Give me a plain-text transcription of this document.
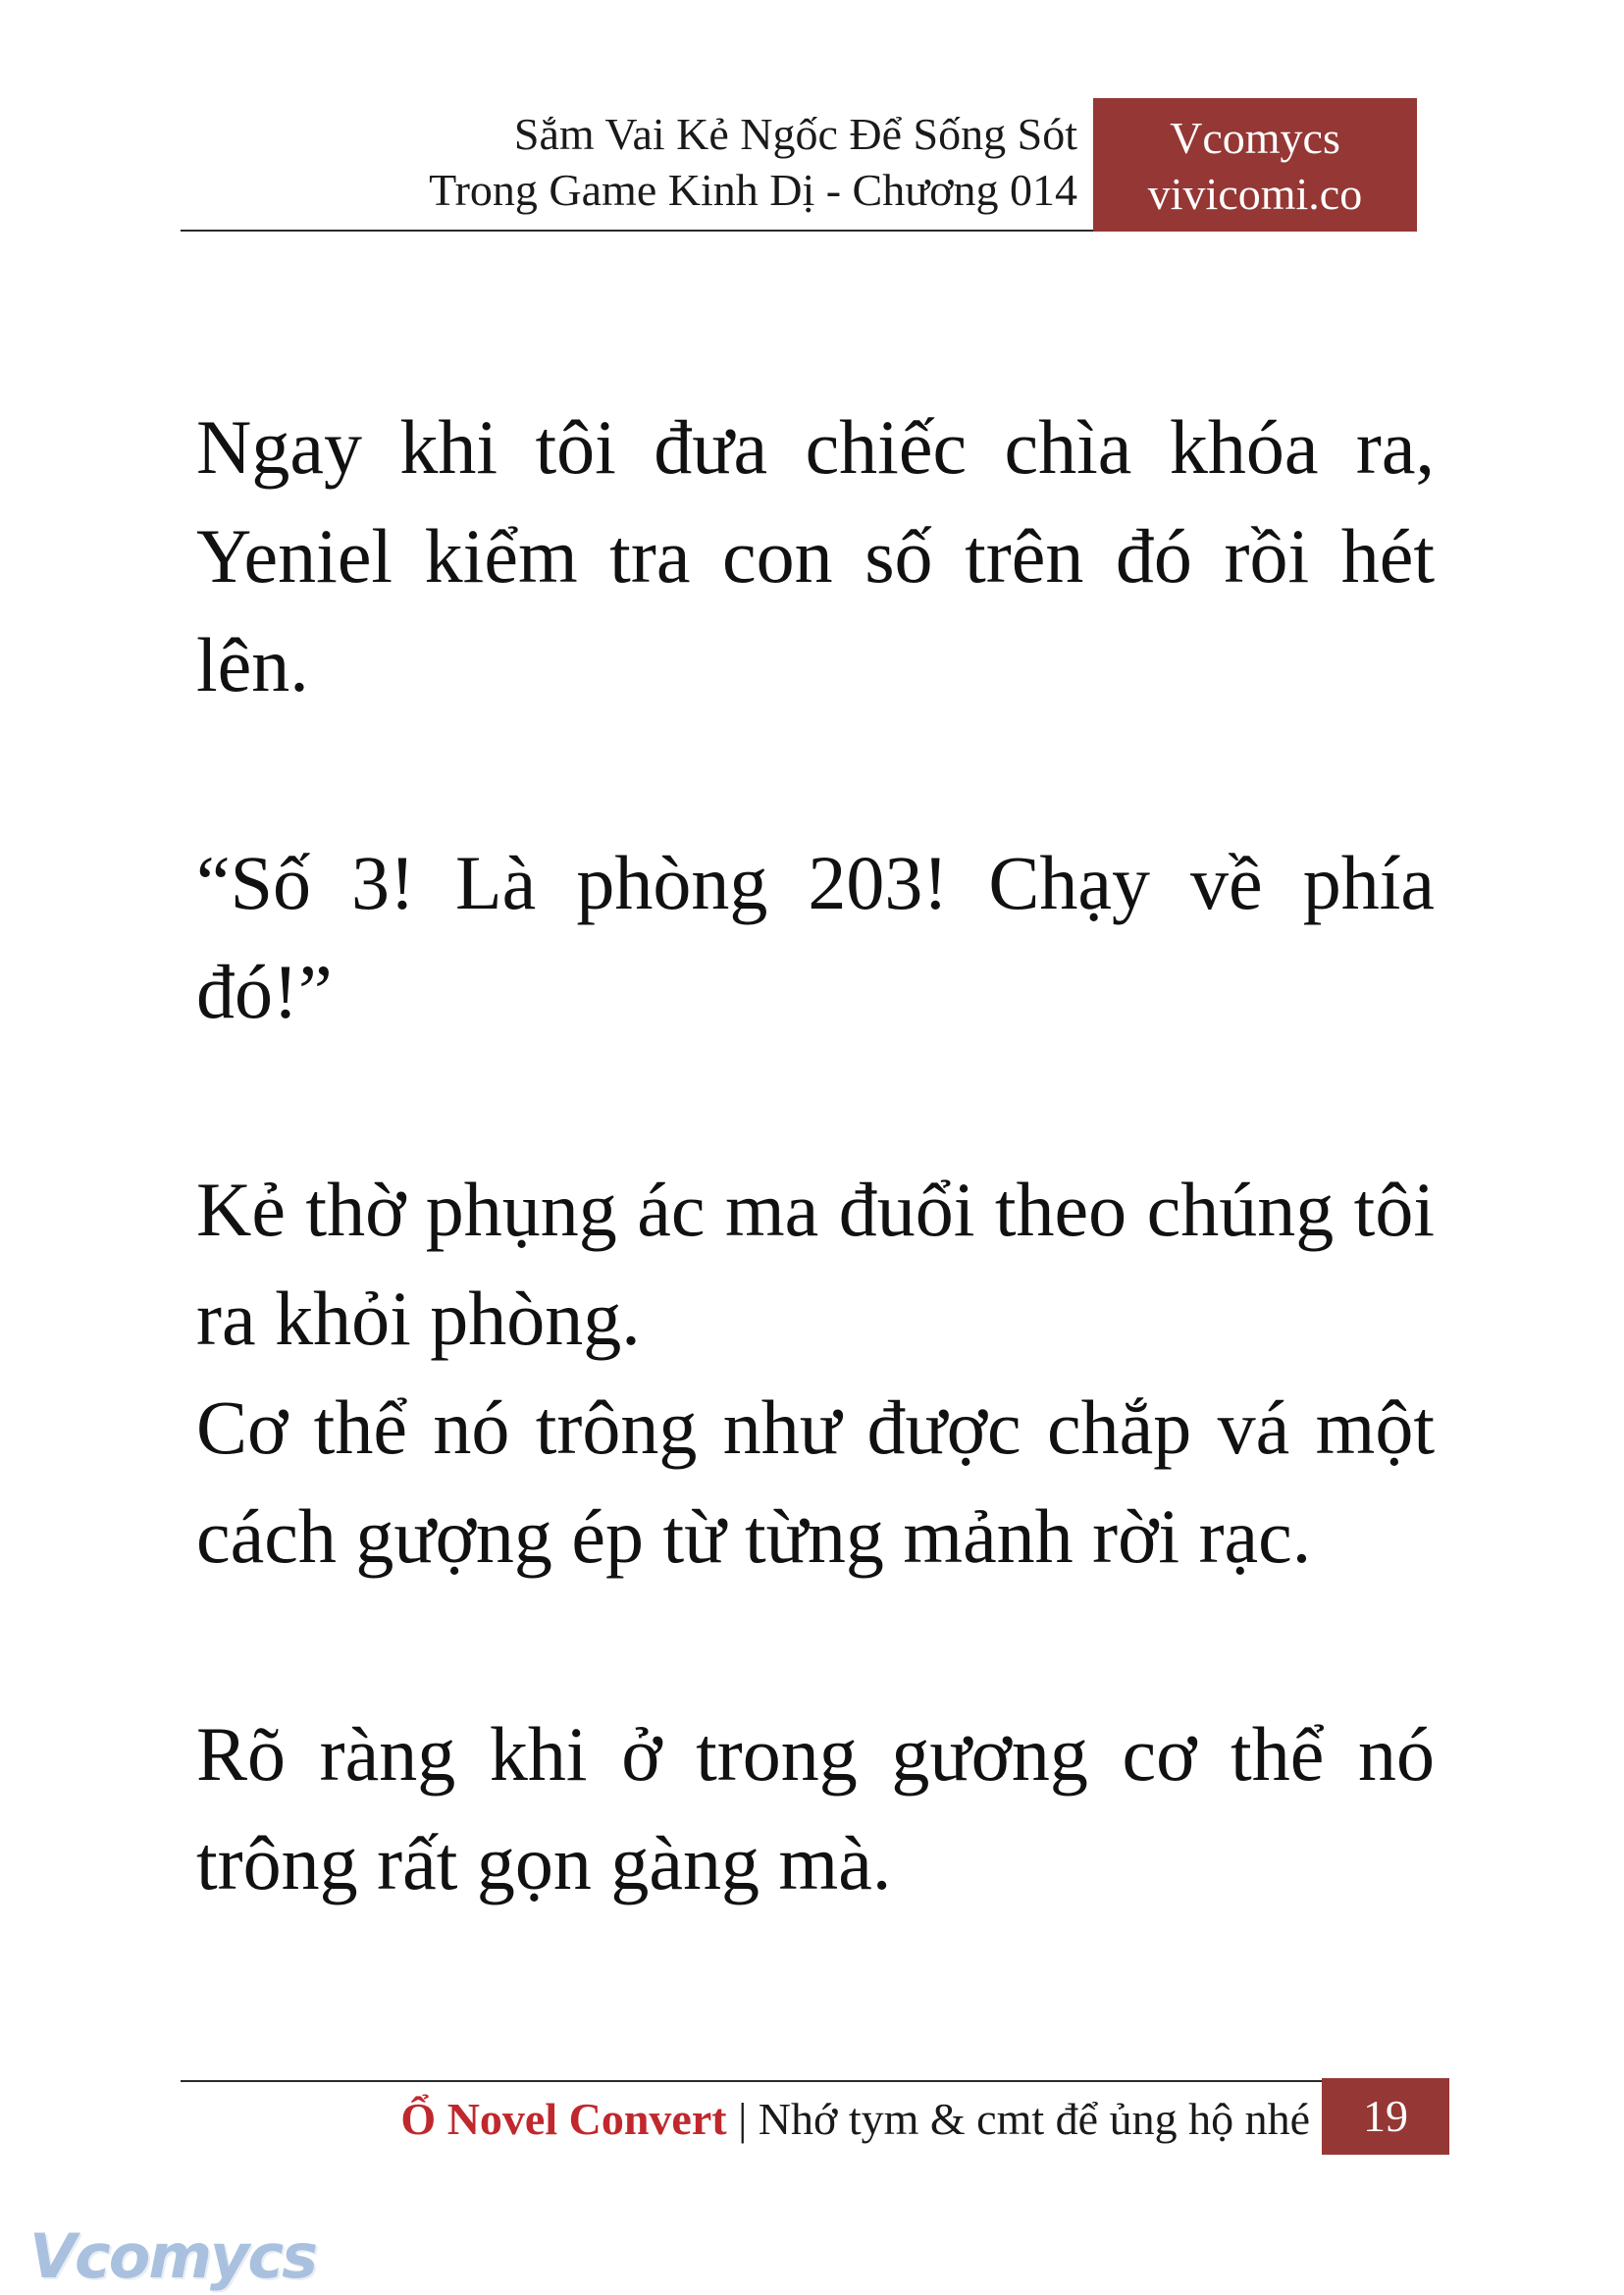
Sắm Vai Kẻ Ngốc Để Sống Sót
Trong Game Kinh Dị - Chương 014
Vcomycs
vivicomi.co

Ngay khi tôi đưa chiếc chìa khóa ra, Yeniel kiểm tra con số trên đó rồi hét lên.

“Số 3! Là phòng 203! Chạy về phía đó!”

Kẻ thờ phụng ác ma đuổi theo chúng tôi ra khỏi phòng.

Cơ thể nó trông như được chắp vá một cách gượng ép từ từng mảnh rời rạc.

Rõ ràng khi ở trong gương cơ thể nó trông rất gọn gàng mà.

Ổ Novel Convert | Nhớ tym & cmt để ủng hộ nhé	19
Vcomycs
